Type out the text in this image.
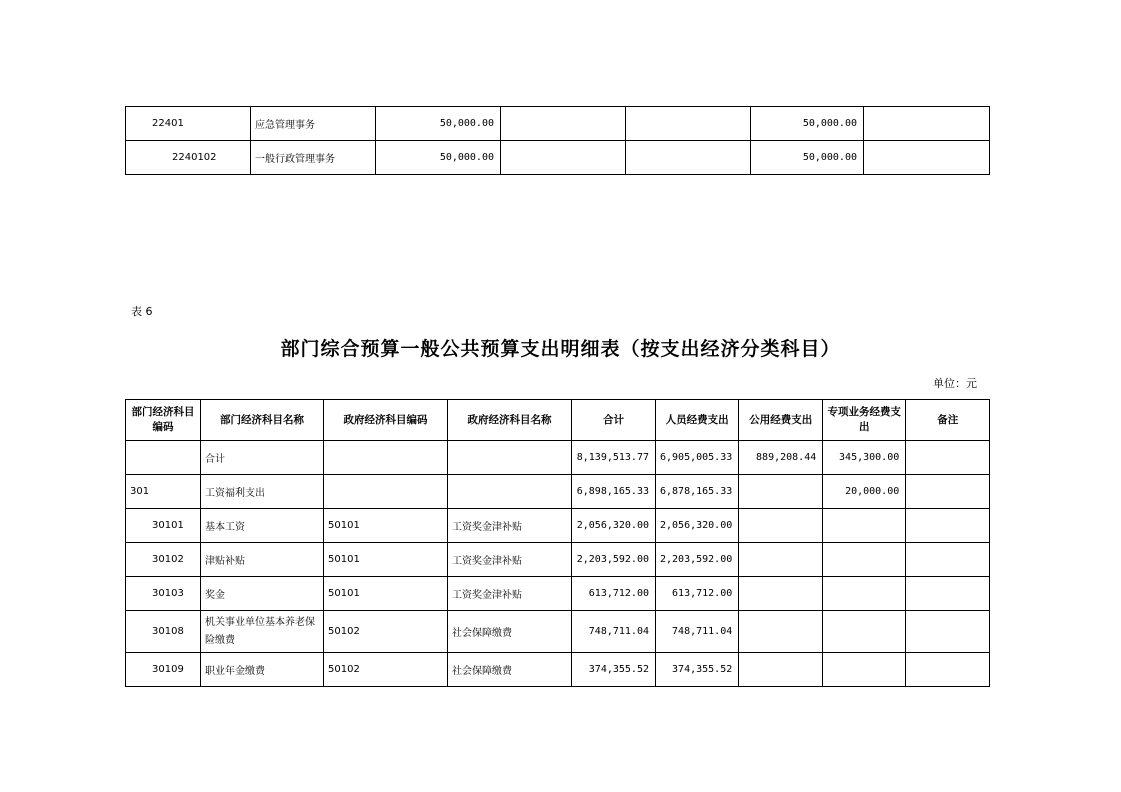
22401	应急管理事务	50,000.00			50,000.00	
2240102	一般行政管理事务	50,000.00			50,000.00	
表 6
部门综合预算一般公共预算支出明细表（按支出经济分类科目）
单位：元
部门经济科目编码	部门经济科目名称	政府经济科目编码	政府经济科目名称	合计	人员经费支出	公用经费支出	专项业务经费支出	备注
	合计			8,139,513.77	6,905,005.33	889,208.44	345,300.00	
301	工资福利支出			6,898,165.33	6,878,165.33		20,000.00	
30101	基本工资	50101	工资奖金津补贴	2,056,320.00	2,056,320.00			
30102	津贴补贴	50101	工资奖金津补贴	2,203,592.00	2,203,592.00			
30103	奖金	50101	工资奖金津补贴	613,712.00	613,712.00			
30108	机关事业单位基本养老保险缴费	50102	社会保障缴费	748,711.04	748,711.04			
30109	职业年金缴费	50102	社会保障缴费	374,355.52	374,355.52			
